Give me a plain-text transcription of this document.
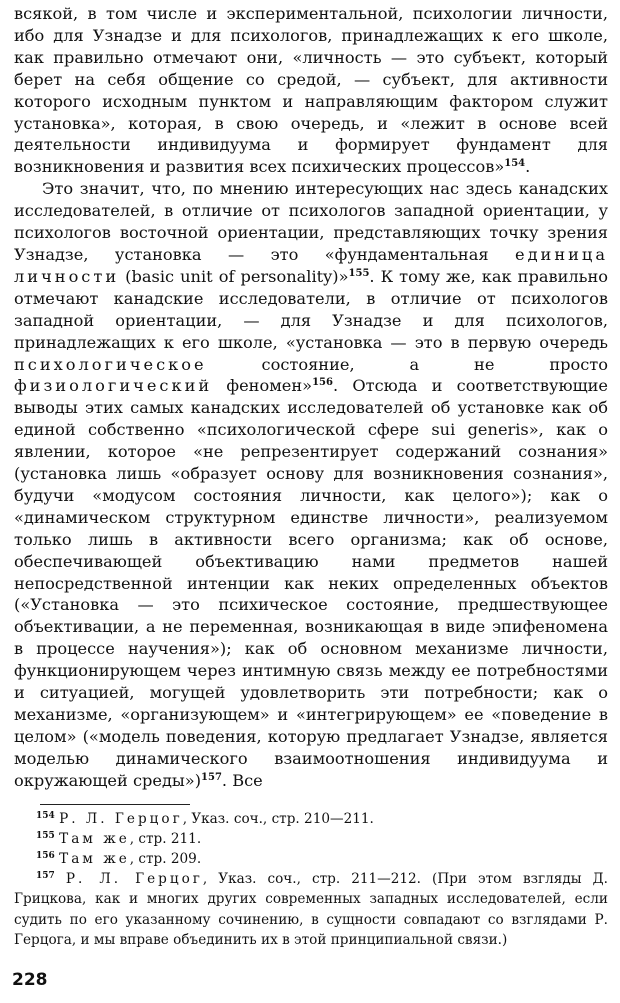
всякой, в том числе и экспериментальной, психологии личности, ибо для Узнадзе и для психологов, принадлежащих к его школе, как правильно отмечают они, «личность — это субъект, который берет на себя общение со средой, — субъект, для активности которого исходным пунктом и направляющим фактором служит установка», которая, в свою очередь, и «лежит в основе всей деятельности индивидуума и формирует фундамент для возникновения и развития всех психических процессов»$^{154}$.

Это значит, что, по мнению интересующих нас здесь канадских исследователей, в отличие от психологов западной ориентации, у психологов восточной ориентации, представляющих точку зрения Узнадзе, установка — это «фундаментальная единица личности (basic unit of personality)»$^{155}$. К тому же, как правильно отмечают канадские исследователи, в отличие от психологов западной ориентации, — для Узнадзе и для психологов, принадлежащих к его школе, «установка — это в первую очередь психологическое состояние, а не просто физиологический феномен»$^{156}$. Отсюда и соответствующие выводы этих самых канадских исследователей об установке как об единой собственно «психологической сфере sui generis», как о явлении, которое «не репрезентирует содержаний сознания» (установка лишь «образует основу для возникновения сознания», будучи «модусом состояния личности, как целого»); как о «динамическом структурном единстве личности», реализуемом только лишь в активности всего организма; как об основе, обеспечивающей объективацию нами предметов нашей непосредственной интенции как неких определенных объектов («Установка — это психическое состояние, предшествующее объективации, а не переменная, возникающая в виде эпифеномена в процессе научения»); как об основном механизме личности, функционирующем через интимную связь между ее потребностями и ситуацией, могущей удовлетворить эти потребности; как о механизме, «организующем» и «интегрирующем» ее «поведение в целом» («модель поведения, которую предлагает Узнадзе, является моделью динамического взаимоотношения индивидуума и окружающей среды»)$^{157}$. Все

$^{154}$ Р. Л. Герцог, Указ. соч., стр. 210—211.

$^{155}$ Там же, стр. 211.

$^{156}$ Там же, стр. 209.

$^{157}$ Р. Л. Герцог, Указ. соч., стр. 211—212. (При этом взгляды Д. Грицкова, как и многих других современных западных исследователей, если судить по его указанному сочинению, в сущности совпадают со взглядами Р. Герцога, и мы вправе объединить их в этой принципиальной связи.)

228
